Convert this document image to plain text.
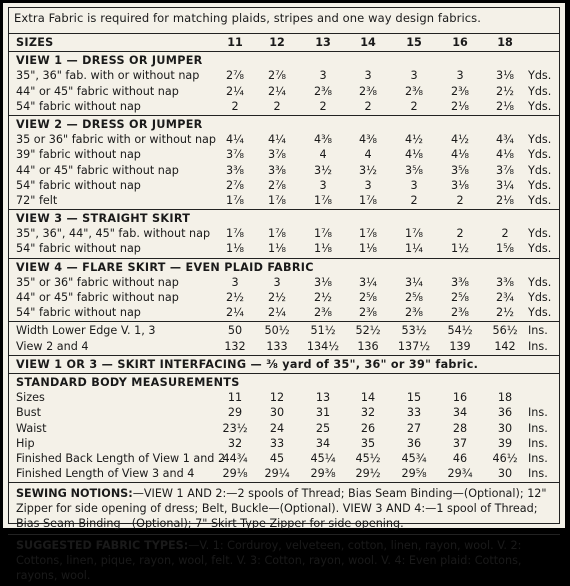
Extra Fabric is required for matching plaids, stripes and one way design fabrics.
SIZES	11	12	13	14	15	16	18
VIEW 1 — DRESS OR JUMPER
35", 36" fab. with or without nap	2⅞	2⅞	3	3	3	3	3⅛	Yds.
44" or 45" fabric without nap	2¼	2¼	2⅜	2⅜	2⅜	2⅜	2½	Yds.
54" fabric without nap	2	2	2	2	2	2⅛	2⅛	Yds.
VIEW 2 — DRESS OR JUMPER
35 or 36" fabric with or without nap 4¼	4¼	4⅜	4⅜	4½	4½	4¾	Yds.
39" fabric without nap	3⅞	3⅞	4	4	4⅛	4⅛	4⅛	Yds.
44" or 45" fabric without nap	3⅜	3⅜	3½	3½	3⅝	3⅝	3⅞	Yds.
54" fabric without nap	2⅞	2⅞	3	3	3	3⅛	3¼	Yds.
72" felt	1⅞	1⅞	1⅞	1⅞	2	2	2⅛	Yds.
VIEW 3 — STRAIGHT SKIRT
35", 36", 44", 45" fab. without nap	1⅞	1⅞	1⅞	1⅞	1⅞	2	2	Yds.
54" fabric without nap	1⅛	1⅛	1⅛	1⅛	1¼	1½	1⅝	Yds.
VIEW 4 — FLARE SKIRT — EVEN PLAID FABRIC
35" or 36" fabric without nap	3	3	3⅛	3¼	3¼	3⅜	3⅜	Yds.
44" or 45" fabric without nap	2½	2½	2½	2⅝	2⅝	2⅝	2¾	Yds.
54" fabric without nap	2¼	2¼	2⅜	2⅜	2⅜	2⅜	2½	Yds.
Width Lower Edge V. 1, 3	50	50½	51½	52½	53½	54½	56½ Ins.
View 2 and 4	132	133	134½	136	137½	139	142	Ins.
VIEW 1 OR 3 — SKIRT INTERFACING — ⅜ yard of 35", 36" or 39" fabric.
STANDARD BODY MEASUREMENTS
Sizes	11	12	13	14	15	16	18
Bust	29	30	31	32	33	34	36	Ins.
Waist	23½	24	25	26	27	28	30	Ins.
Hip	32	33	34	35	36	37	39	Ins.
Finished Back Length of View 1 and 2
44¾	45	45¼	45½	45¾	46	46½ Ins.
Finished Length of View 3 and 4	29⅛	29¼	29⅜	29½	29⅝	29¾	30	Ins.
SEWING NOTIONS:—VIEW 1 AND 2:—2 spools of Thread; Bias Seam Binding—(Optional); 12" Zipper for side opening of dress; Belt, Buckle—(Optional). VIEW 3 AND 4:—1 spool of Thread; Bias Seam Binding—(Optional); 7" Skirt Type Zipper for side opening.
SUGGESTED FABRIC TYPES:—V. 1: Corduroy, velveteen, cotton, linen, rayon, wool. V. 2: Cottons, linen, pique, rayon, wool, felt. V. 3: Cotton, rayon, wool. V. 4: Even plaid: Cottons, rayons, wool.
